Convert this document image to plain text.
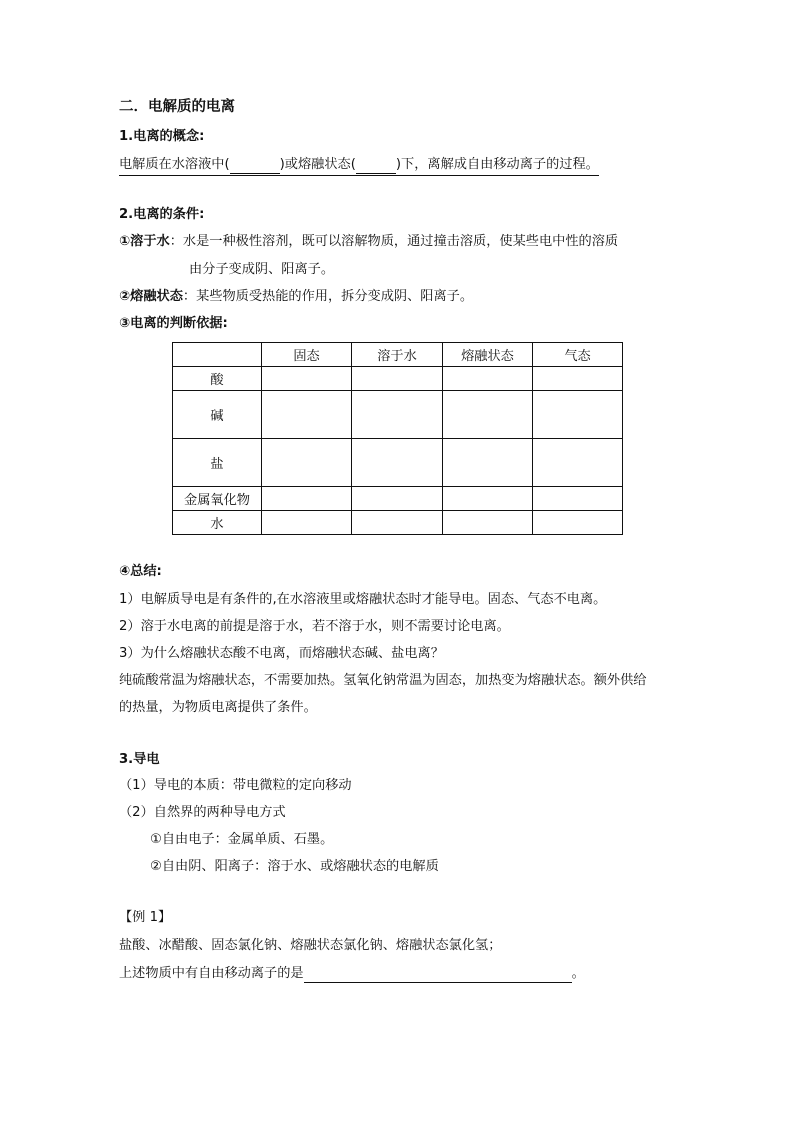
二．电解质的电离
1.电离的概念:
电解质在水溶液中(	)或熔融状态(	)下，离解成自由移动离子的过程。
2.电离的条件:
①溶于水：水是一种极性溶剂，既可以溶解物质，通过撞击溶质，使某些电中性的溶质
由分子变成阴、阳离子。
②熔融状态：某些物质受热能的作用，拆分变成阴、阳离子。
③电离的判断依据:
	固态	溶于水	熔融状态	气态
酸				
碱				
盐				
金属氧化物				
水				
④总结:
1）电解质导电是有条件的,在水溶液里或熔融状态时才能导电。固态、气态不电离。
2）溶于水电离的前提是溶于水，若不溶于水，则不需要讨论电离。
3）为什么熔融状态酸不电离，而熔融状态碱、盐电离？
纯硫酸常温为熔融状态，不需要加热。氢氧化钠常温为固态，加热变为熔融状态。额外供给
的热量，为物质电离提供了条件。
3.导电
（1）导电的本质：带电微粒的定向移动
（2）自然界的两种导电方式
①自由电子：金属单质、石墨。
②自由阴、阳离子：溶于水、或熔融状态的电解质
【例 1】
盐酸、冰醋酸、固态氯化钠、熔融状态氯化钠、熔融状态氯化氢；
上述物质中有自由移动离子的是	。
